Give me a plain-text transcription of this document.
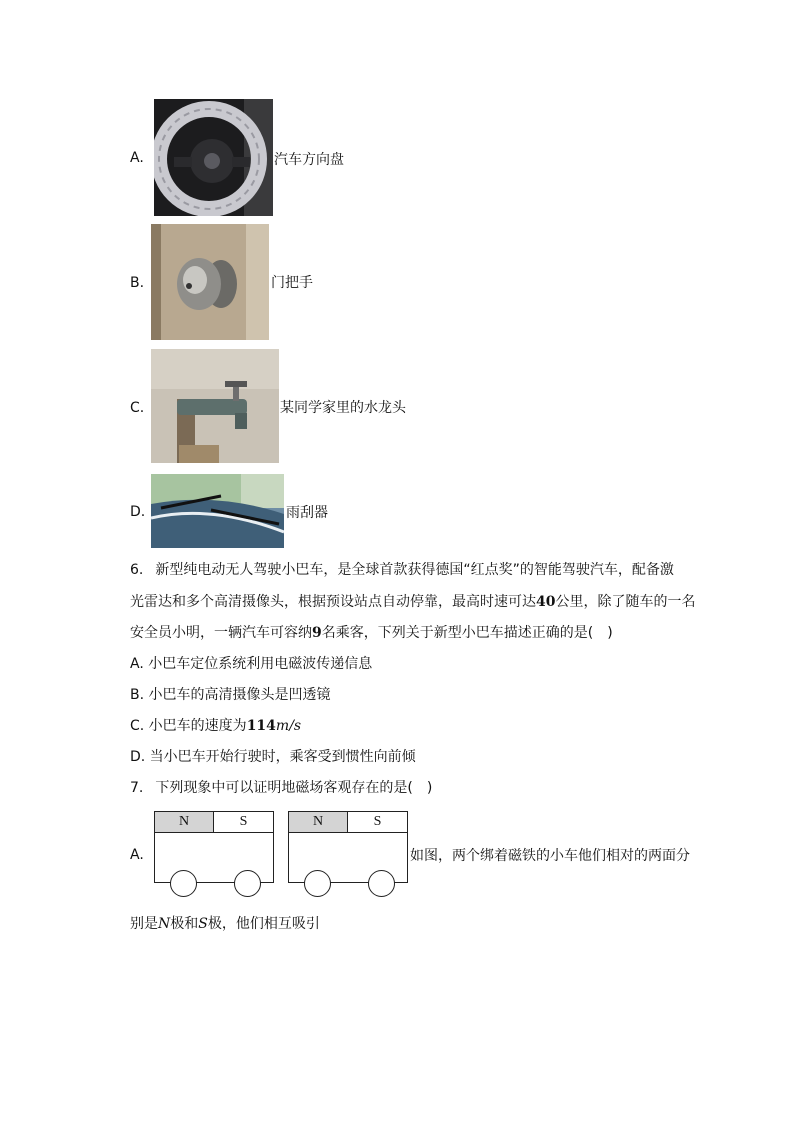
A.	汽车方向盘
B.	门把手
C.	某同学家里的水龙头
D.	雨刮器
6. 新型纯电动无人驾驶小巴车，是全球首款获得德国“红点奖”的智能驾驶汽车，配备激
光雷达和多个高清摄像头，根据预设站点自动停靠，最高时速可达40公里，除了随车的一名
安全员小明，一辆汽车可容纳9名乘客，下列关于新型小巴车描述正确的是(　)
A. 小巴车定位系统利用电磁波传递信息
B. 小巴车的高清摄像头是凹透镜
C. 小巴车的速度为114m/s
D. 当小巴车开始行驶时，乘客受到惯性向前倾
7. 下列现象中可以证明地磁场客观存在的是(　)
A.
N	S	N	S
如图，两个绑着磁铁的小车他们相对的两面分
别是N极和S极，他们相互吸引
